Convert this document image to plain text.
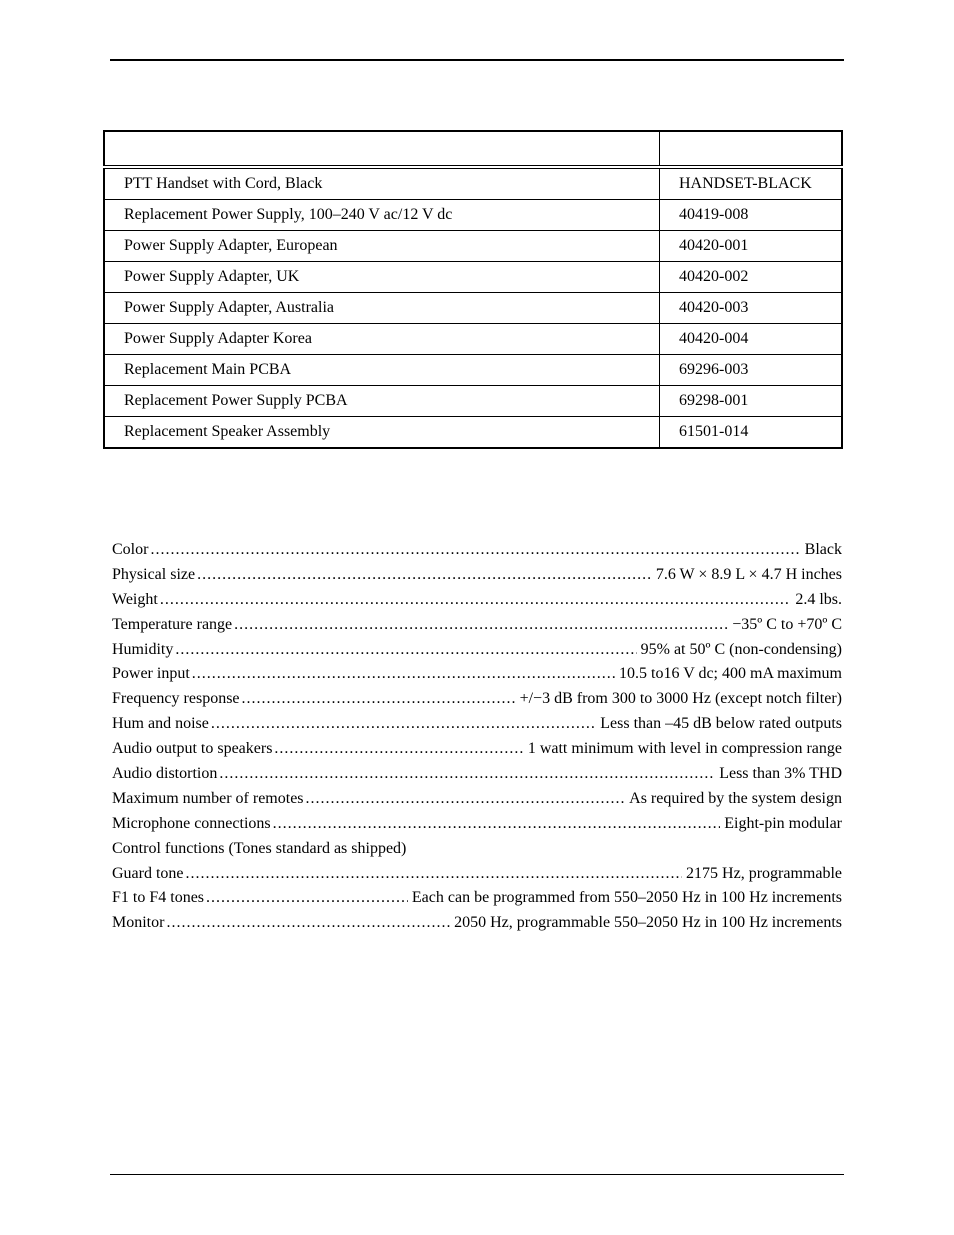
PTT Handset with Cord, Black	HANDSET-BLACK
Replacement Power Supply, 100–240 V ac/12 V dc	40419-008
Power Supply Adapter, European	40420-001
Power Supply Adapter, UK	40420-002
Power Supply Adapter, Australia	40420-003
Power Supply Adapter Korea	40420-004
Replacement Main PCBA	69296-003
Replacement Power Supply PCBA	69298-001
Replacement Speaker Assembly	61501-014
Color .....	Black
Physical size .....	7.6 W × 8.9 L × 4.7 H inches
Weight .....	2.4 lbs.
Temperature range .....	−35º C to +70º C
Humidity .....	95% at 50º C (non-condensing)
Power input .....	10.5 to16 V dc; 400 mA maximum
Frequency response .....	+/−3 dB from 300 to 3000 Hz (except notch filter)
Hum and noise .....	Less than –45 dB below rated outputs
Audio output to speakers .....	1 watt minimum with level in compression range
Audio distortion .....	Less than 3% THD
Maximum number of remotes .....	As required by the system design
Microphone connections .....	Eight-pin modular
Control functions (Tones standard as shipped)
Guard tone .....	2175 Hz, programmable
F1 to F4 tones .....	Each can be programmed from 550–2050 Hz in 100 Hz increments
Monitor .....	2050 Hz, programmable 550–2050 Hz in 100 Hz increments
